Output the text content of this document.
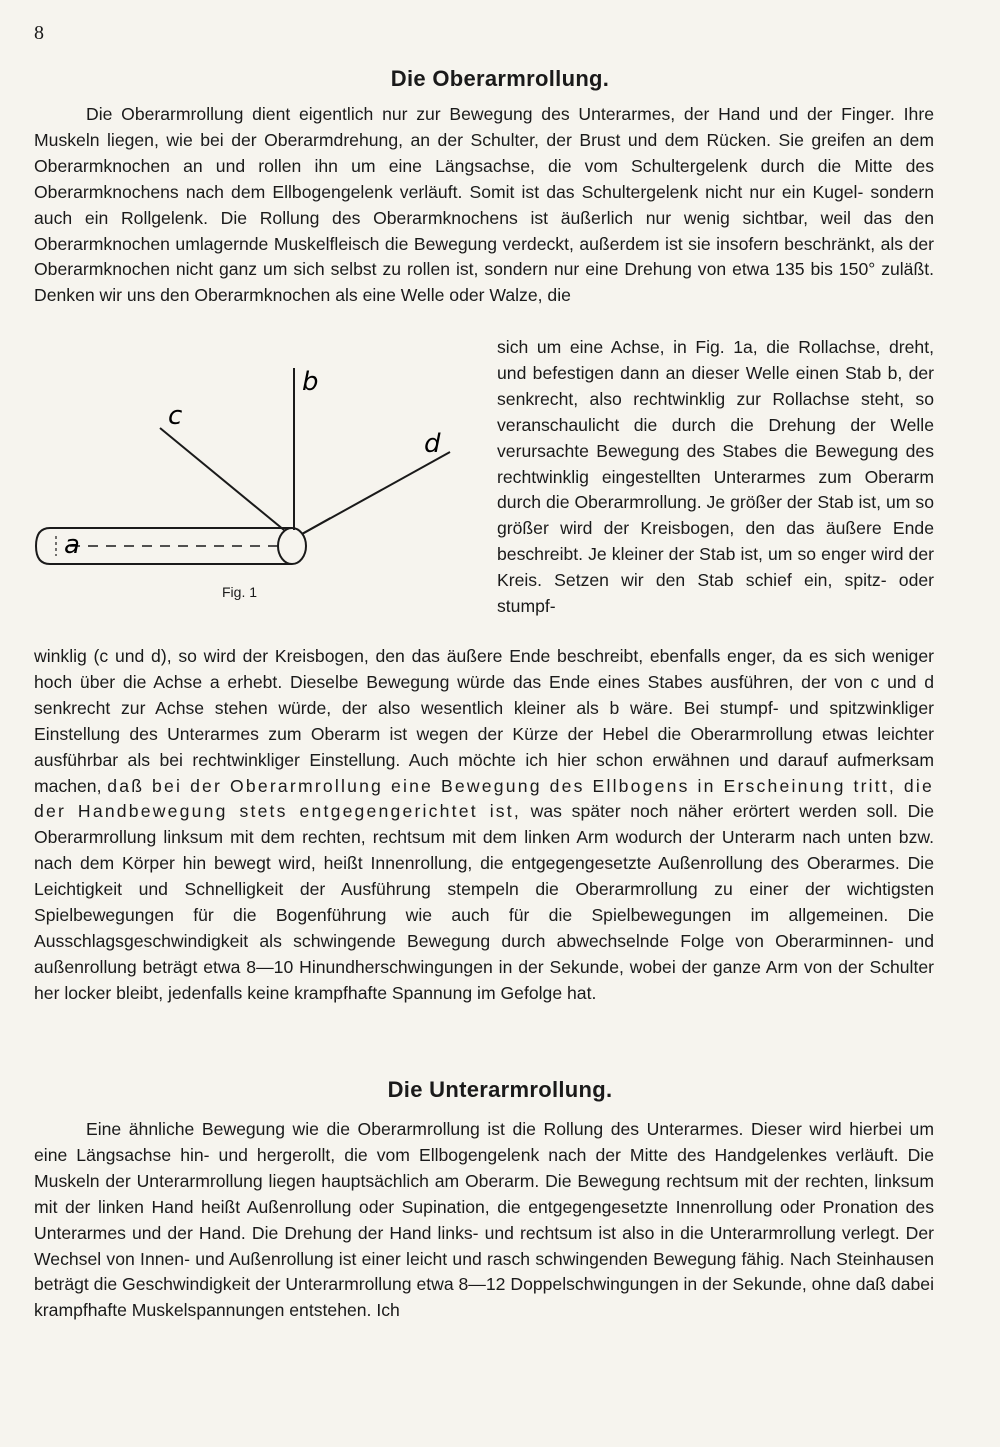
8
Die Oberarmrollung.

Die Oberarmrollung dient eigentlich nur zur Bewegung des Unterarmes, der Hand und der Finger. Ihre Muskeln liegen, wie bei der Oberarmdrehung, an der Schulter, der Brust und dem Rücken. Sie greifen an dem Oberarmknochen an und rollen ihn um eine Längsachse, die vom Schultergelenk durch die Mitte des Oberarmknochens nach dem Ellbogengelenk verläuft. Somit ist das Schultergelenk nicht nur ein Kugel- sondern auch ein Rollgelenk. Die Rollung des Oberarmknochens ist äußerlich nur wenig sichtbar, weil das den Oberarmknochen umlagernde Muskelfleisch die Bewegung verdeckt, außerdem ist sie insofern beschränkt, als der Oberarmknochen nicht ganz um sich selbst zu rollen ist, sondern nur eine Drehung von etwa 135 bis 150° zuläßt. Denken wir uns den Oberarmknochen als eine Welle oder Walze, die

a
b
c
d
Fig. 1

sich um eine Achse, in Fig. 1a, die Rollachse, dreht, und befestigen dann an dieser Welle einen Stab b, der senkrecht, also rechtwinklig zur Rollachse steht, so veranschaulicht die durch die Drehung der Welle verursachte Bewegung des Stabes die Bewegung des rechtwinklig eingestellten Unterarmes zum Oberarm durch die Oberarmrollung. Je größer der Stab ist, um so größer wird der Kreisbogen, den das äußere Ende beschreibt. Je kleiner der Stab ist, um so enger wird der Kreis. Setzen wir den Stab schief ein, spitz- oder stumpf-

winklig (c und d), so wird der Kreisbogen, den das äußere Ende beschreibt, ebenfalls enger, da es sich weniger hoch über die Achse a erhebt. Dieselbe Bewegung würde das Ende eines Stabes ausführen, der von c und d senkrecht zur Achse stehen würde, der also wesentlich kleiner als b wäre. Bei stumpf- und spitzwinkliger Einstellung des Unterarmes zum Oberarm ist wegen der Kürze der Hebel die Oberarmrollung etwas leichter ausführbar als bei rechtwinkliger Einstellung. Auch möchte ich hier schon erwähnen und darauf aufmerksam machen, daß bei der Oberarmrollung eine Bewegung des Ellbogens in Erscheinung tritt, die der Handbewegung stets entgegengerichtet ist, was später noch näher erörtert werden soll. Die Oberarmrollung linksum mit dem rechten, rechtsum mit dem linken Arm wodurch der Unterarm nach unten bzw. nach dem Körper hin bewegt wird, heißt Innenrollung, die entgegengesetzte Außenrollung des Oberarmes. Die Leichtigkeit und Schnelligkeit der Ausführung stempeln die Oberarmrollung zu einer der wichtigsten Spielbewegungen für die Bogenführung wie auch für die Spielbewegungen im allgemeinen. Die Ausschlagsgeschwindigkeit als schwingende Bewegung durch abwechselnde Folge von Oberarminnen- und außenrollung beträgt etwa 8—10 Hinundherschwingungen in der Sekunde, wobei der ganze Arm von der Schulter her locker bleibt, jedenfalls keine krampfhafte Spannung im Gefolge hat.

Die Unterarmrollung.

Eine ähnliche Bewegung wie die Oberarmrollung ist die Rollung des Unterarmes. Dieser wird hierbei um eine Längsachse hin- und hergerollt, die vom Ellbogengelenk nach der Mitte des Handgelenkes verläuft. Die Muskeln der Unterarmrollung liegen hauptsächlich am Oberarm. Die Bewegung rechtsum mit der rechten, linksum mit der linken Hand heißt Außenrollung oder Supination, die entgegengesetzte Innenrollung oder Pronation des Unterarmes und der Hand. Die Drehung der Hand links- und rechtsum ist also in die Unterarmrollung verlegt. Der Wechsel von Innen- und Außenrollung ist einer leicht und rasch schwingenden Bewegung fähig. Nach Steinhausen beträgt die Geschwindigkeit der Unterarmrollung etwa 8—12 Doppelschwingungen in der Sekunde, ohne daß dabei krampfhafte Muskelspannungen entstehen. Ich
